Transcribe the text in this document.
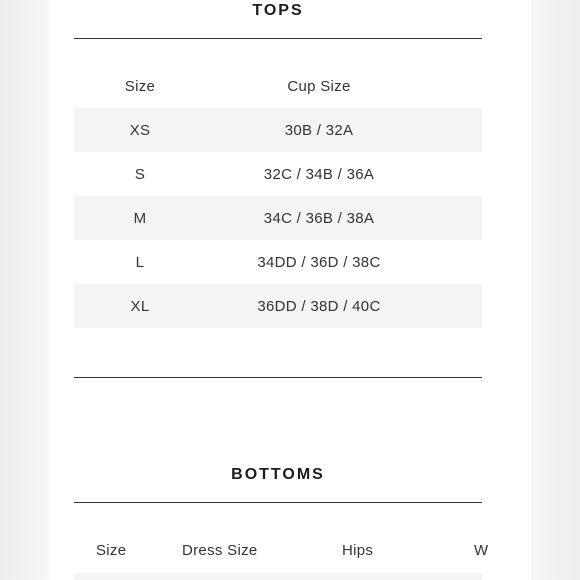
TOPS
Size	Cup Size
XS	30B / 32A
S	32C / 34B / 36A
M	34C / 36B / 38A
L	34DD / 36D / 38C
XL	36DD / 38D / 40C
BOTTOMS
Size	Dress Size	Hips	W
